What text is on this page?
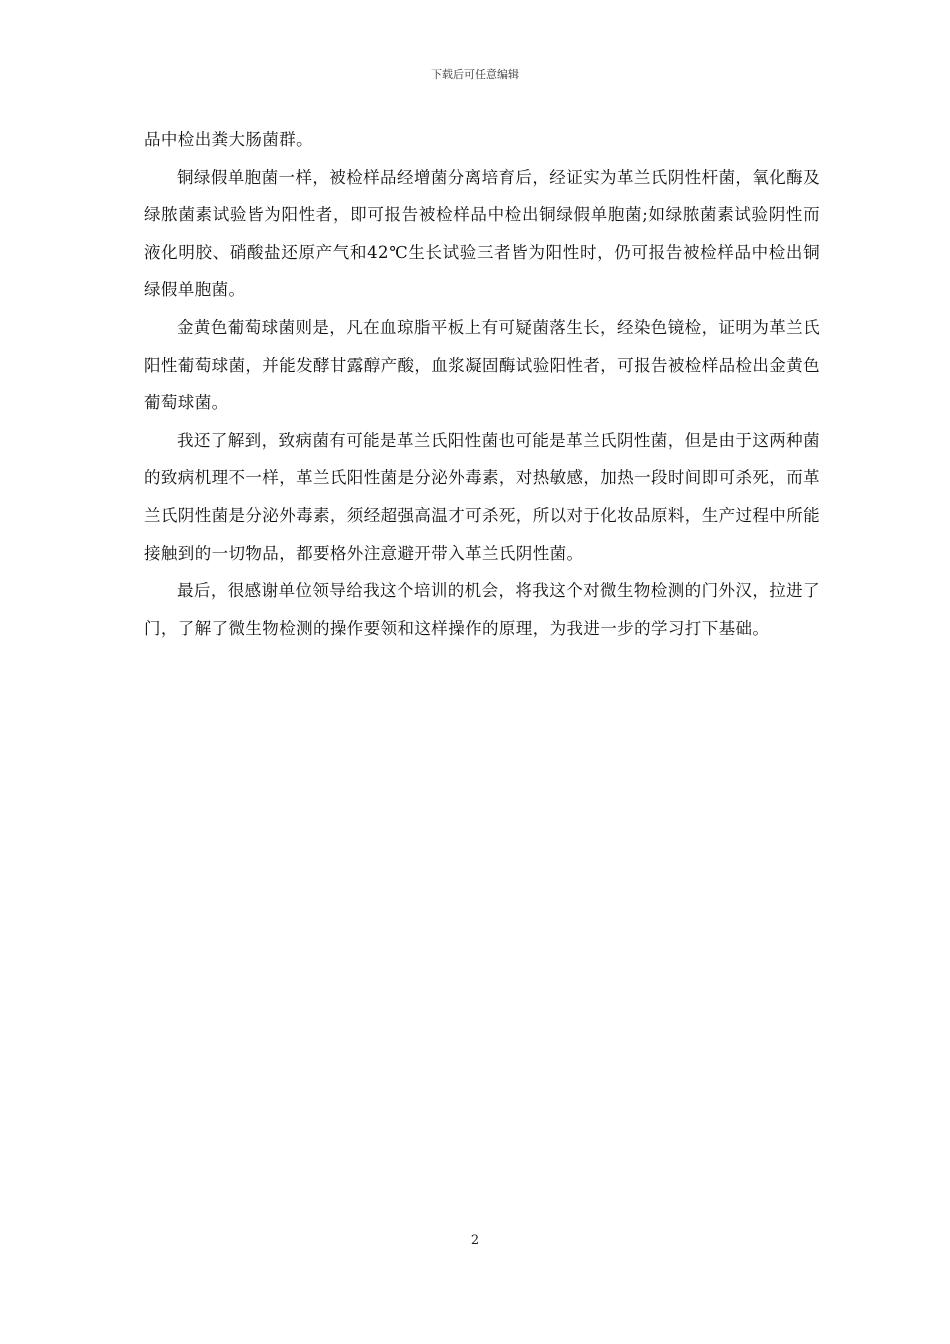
下载后可任意编辑

品中检出粪大肠菌群。

铜绿假单胞菌一样，被检样品经增菌分离培育后，经证实为革兰氏阴性杆菌，氧化酶及绿脓菌素试验皆为阳性者，即可报告被检样品中检出铜绿假单胞菌;如绿脓菌素试验阴性而液化明胶、硝酸盐还原产气和42℃生长试验三者皆为阳性时，仍可报告被检样品中检出铜绿假单胞菌。

金黄色葡萄球菌则是，凡在血琼脂平板上有可疑菌落生长，经染色镜检，证明为革兰氏阳性葡萄球菌，并能发酵甘露醇产酸，血浆凝固酶试验阳性者，可报告被检样品检出金黄色葡萄球菌。

我还了解到，致病菌有可能是革兰氏阳性菌也可能是革兰氏阴性菌，但是由于这两种菌的致病机理不一样，革兰氏阳性菌是分泌外毒素，对热敏感，加热一段时间即可杀死，而革兰氏阴性菌是分泌外毒素，须经超强高温才可杀死，所以对于化妆品原料，生产过程中所能接触到的一切物品，都要格外注意避开带入革兰氏阴性菌。

最后，很感谢单位领导给我这个培训的机会，将我这个对微生物检测的门外汉，拉进了门，了解了微生物检测的操作要领和这样操作的原理，为我进一步的学习打下基础。

2
